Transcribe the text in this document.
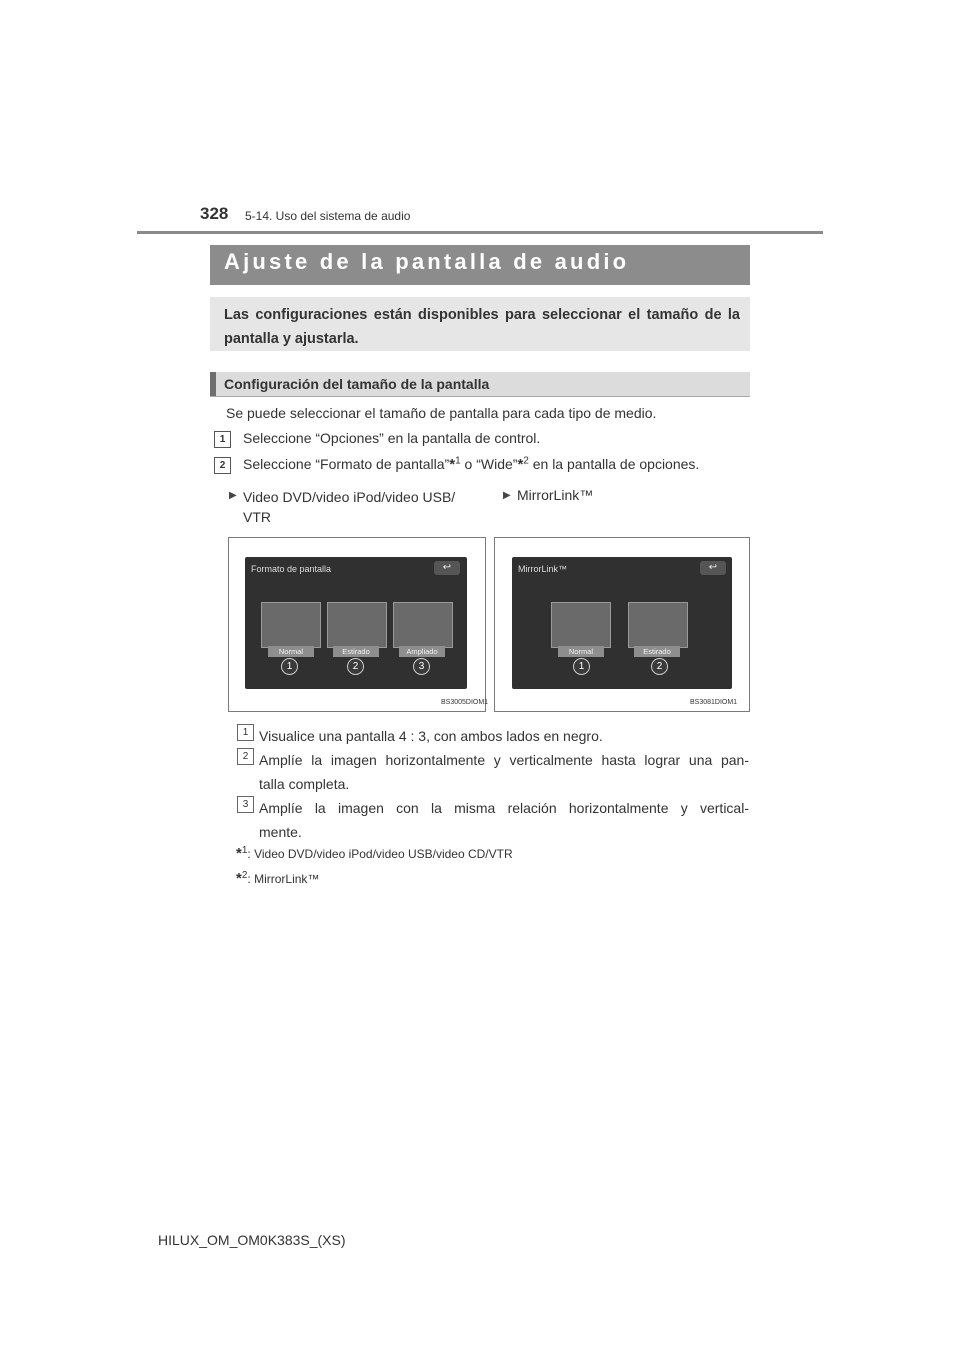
328 5-14. Uso del sistema de audio
Ajuste de la pantalla de audio
Las configuraciones están disponibles para seleccionar el tamaño de la pantalla y ajustarla.
Configuración del tamaño de la pantalla
Se puede seleccionar el tamaño de pantalla para cada tipo de medio.
1	Seleccione “Opciones” en la pantalla de control.
2	Seleccione “Formato de pantalla”*$^1$ o “Wide”*$^2$ en la pantalla de opciones.
▶ Video DVD/video iPod/video USB/
VTR
▶ MirrorLink™
Formato de pantalla	↩
Normal	Estirado	Ampliado
1	2	3
BS3005DIOM1
MirrorLink™	↩
Normal	Estirado
1	2
BS3081DIOM1
1 Visualice una pantalla 4 : 3, con ambos lados en negro.
2 Amplíe la imagen horizontalmente y verticalmente hasta lograr una pan-
talla completa.
3 Amplíe la imagen con la misma relación horizontalmente y vertical-
mente.
*$^1$: Video DVD/video iPod/video USB/video CD/VTR
*$^2$: MirrorLink™
HILUX_OM_OM0K383S_(XS)
